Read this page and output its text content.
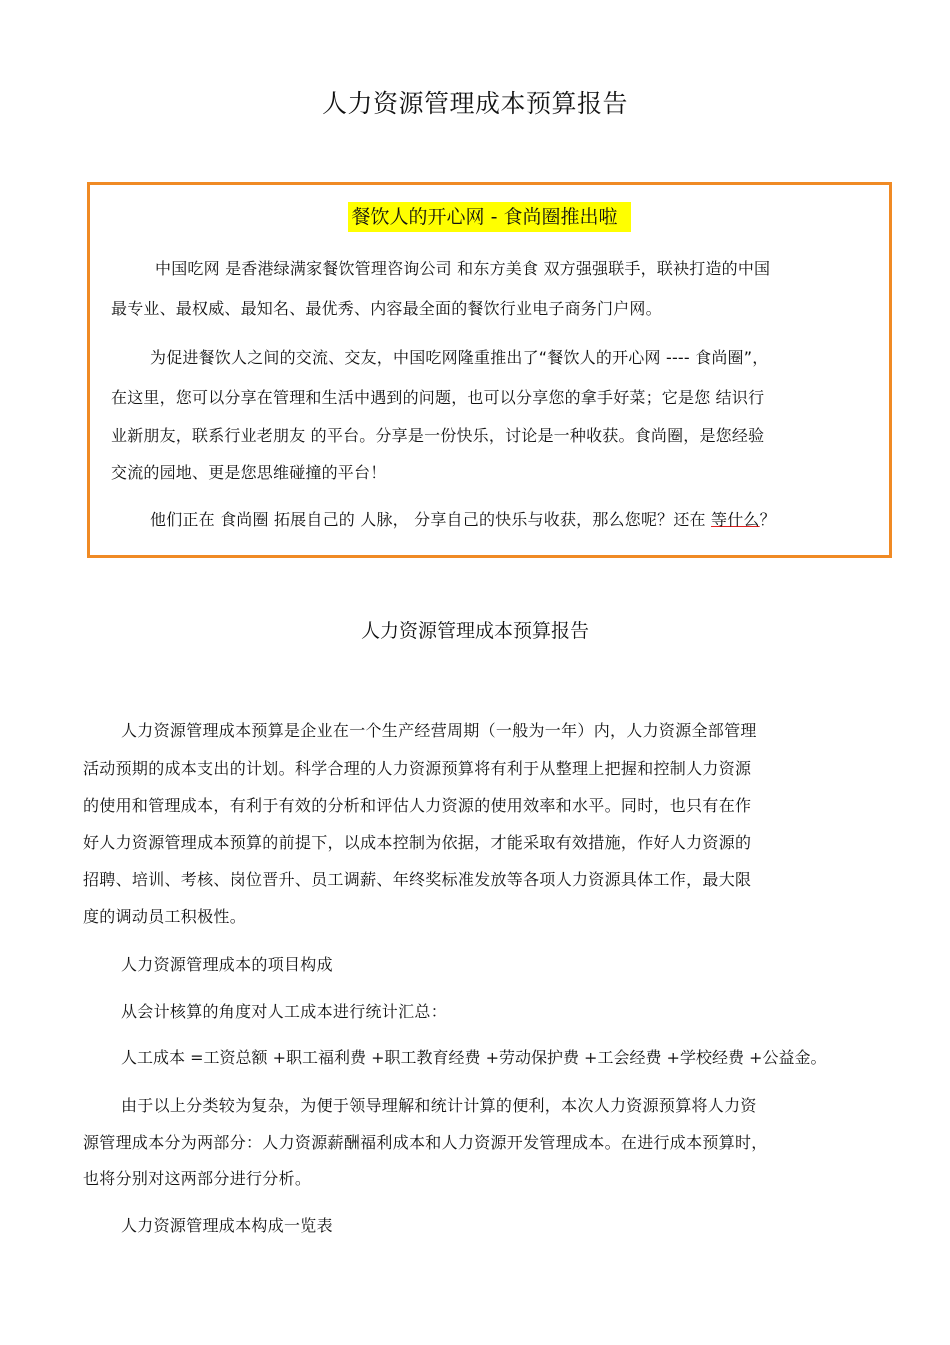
人力资源管理成本预算报告
餐饮人的开心网 - 食尚圈推出啦
中国吃网 是香港绿满家餐饮管理咨询公司 和东方美食 双方强强联手，联袂打造的中国
最专业、最权威、最知名、最优秀、内容最全面的餐饮行业电子商务门户网。
为促进餐饮人之间的交流、交友，中国吃网隆重推出了“餐饮人的开心网 ---- 食尚圈”，
在这里，您可以分享在管理和生活中遇到的问题，也可以分享您的拿手好菜；它是您 结识行
业新朋友，联系行业老朋友 的平台。分享是一份快乐，讨论是一种收获。食尚圈，是您经验
交流的园地、更是您思维碰撞的平台！
他们正在 食尚圈 拓展自己的 人脉， 分享自己的快乐与收获，那么您呢？还在 等什么？
人力资源管理成本预算报告
人力资源管理成本预算是企业在一个生产经营周期（一般为一年）内，人力资源全部管理
活动预期的成本支出的计划。科学合理的人力资源预算将有利于从整理上把握和控制人力资源
的使用和管理成本，有利于有效的分析和评估人力资源的使用效率和水平。同时，也只有在作
好人力资源管理成本预算的前提下，以成本控制为依据，才能采取有效措施，作好人力资源的
招聘、培训、考核、岗位晋升、员工调薪、年终奖标准发放等各项人力资源具体工作，最大限
度的调动员工积极性。
人力资源管理成本的项目构成
从会计核算的角度对人工成本进行统计汇总：
人工成本 =工资总额 +职工福利费 +职工教育经费 +劳动保护费 +工会经费 +学校经费 +公益金。
由于以上分类较为复杂，为便于领导理解和统计计算的便利，本次人力资源预算将人力资
源管理成本分为两部分：人力资源薪酬福利成本和人力资源开发管理成本。在进行成本预算时，
也将分别对这两部分进行分析。
人力资源管理成本构成一览表
